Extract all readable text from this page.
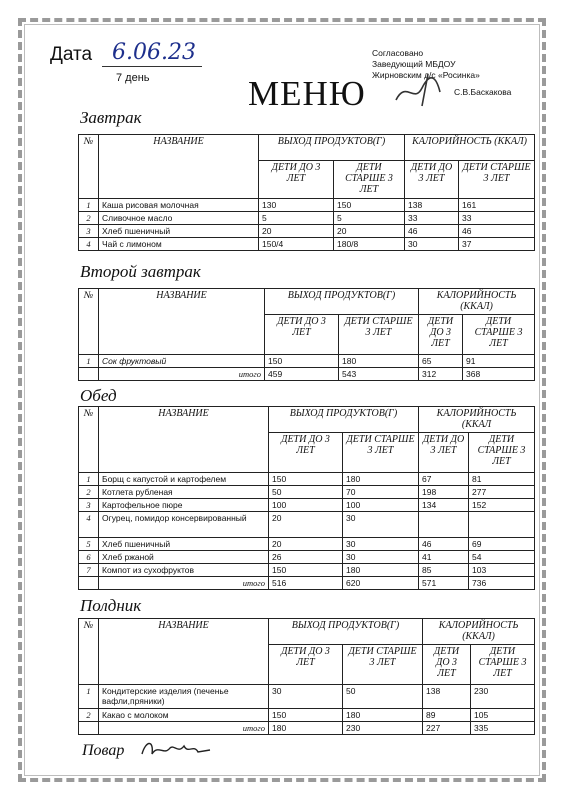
Дата 6.06.23
7 день	МЕНЮ
Согласовано
Заведующий МБДОУ
Жирновским д/с «Росинка»
С.В.Баскакова
Завтрак
№	НАЗВАНИЕ	ВЫХОД ПРОДУКТОВ(Г)		КАЛОРИЙНОСТЬ (ККАЛ)	
		ДЕТИ ДО 3 ЛЕТ	ДЕТИ СТАРШЕ 3 ЛЕТ	ДЕТИ ДО 3 ЛЕТ	ДЕТИ СТАРШЕ 3 ЛЕТ
1	Каша рисовая молочная	130	150	138	161
2	Сливочное масло	5	5	33	33
3	Хлеб пшеничный	20	20	46	46
4	Чай с лимоном	150/4	180/8	30	37
Второй завтрак
№	НАЗВАНИЕ	ВЫХОД ПРОДУКТОВ(Г)		КАЛОРИЙНОСТЬ (ККАЛ)	
		ДЕТИ ДО 3 ЛЕТ	ДЕТИ СТАРШЕ 3 ЛЕТ	ДЕТИ ДО 3 ЛЕТ	ДЕТИ СТАРШЕ 3 ЛЕТ
1	Сок фруктовый	150	180	65	91
	итого	459	543	312	368
Обед
№	НАЗВАНИЕ	ВЫХОД ПРОДУКТОВ(Г)		КАЛОРИЙНОСТЬ (ККАЛ	
		ДЕТИ ДО 3 ЛЕТ	ДЕТИ СТАРШЕ 3 ЛЕТ	ДЕТИ ДО 3 ЛЕТ	ДЕТИ СТАРШЕ 3 ЛЕТ
1	Борщ с капустой и картофелем	150	180	67	81
2	Котлета рубленая	50	70	198	277
3	Картофельное пюре	100	100	134	152
4	Огурец, помидор консервированный	20	30		
5	Хлеб пшеничный	20	30	46	69
6	Хлеб ржаной	26	30	41	54
7	Компот из сухофруктов	150	180	85	103
	итого	516	620	571	736
Полдник
№	НАЗВАНИЕ	ВЫХОД ПРОДУКТОВ(Г)		КАЛОРИЙНОСТЬ (ККАЛ)	
		ДЕТИ ДО 3 ЛЕТ	ДЕТИ СТАРШЕ 3 ЛЕТ	ДЕТИ ДО 3 ЛЕТ	ДЕТИ СТАРШЕ 3 ЛЕТ
1	Кондитерские изделия (печенье вафли,пряники)	30	50	138	230
2	Какао с молоком	150	180	89	105
	итого	180	230	227	335
Повар
